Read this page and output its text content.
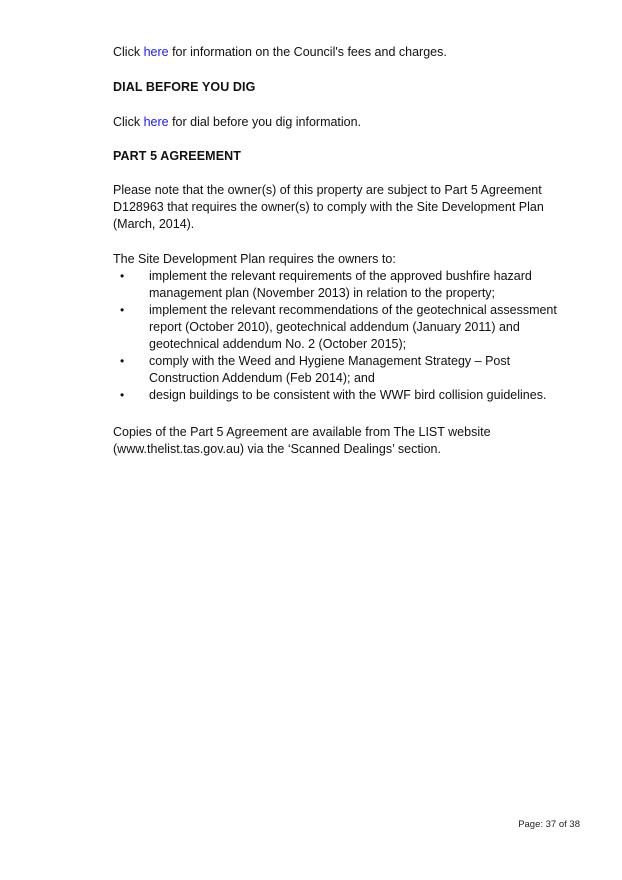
Click here for information on the Council's fees and charges.

DIAL BEFORE YOU DIG

Click here for dial before you dig information.

PART 5 AGREEMENT

Please note that the owner(s) of this property are subject to Part 5 Agreement D128963 that requires the owner(s) to comply with the Site Development Plan (March, 2014).

The Site Development Plan requires the owners to:

• implement the relevant requirements of the approved bushfire hazard management plan (November 2013) in relation to the property;
• implement the relevant recommendations of the geotechnical assessment report (October 2010), geotechnical addendum (January 2011) and geotechnical addendum No. 2 (October 2015);
• comply with the Weed and Hygiene Management Strategy – Post Construction Addendum (Feb 2014); and
• design buildings to be consistent with the WWF bird collision guidelines.

Copies of the Part 5 Agreement are available from The LIST website (www.thelist.tas.gov.au) via the ‘Scanned Dealings’ section.

Page: 37 of 38
